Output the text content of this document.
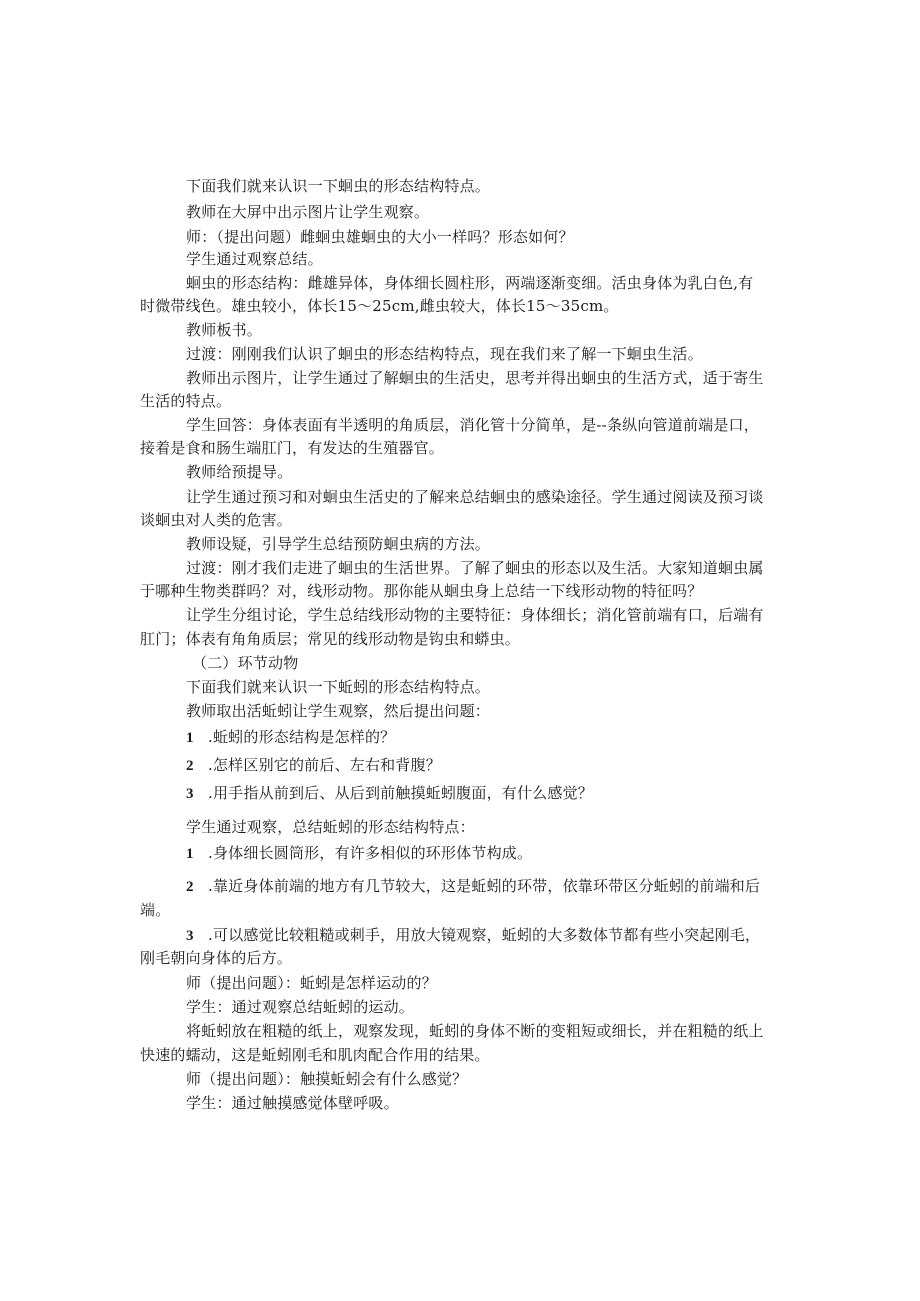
下面我们就来认识一下蛔虫的形态结构特点。
教师在大屏中出示图片让学生观察。
师：（提出问题）雌蛔虫雄蛔虫的大小一样吗？形态如何？
学生通过观察总结。
蛔虫的形态结构：雌雄异体，身体细长圆柱形，两端逐渐变细。活虫身体为乳白色,有
时微带线色。雄虫较小，体长15～25cm,雌虫较大，体长15～35cm。
教师板书。
过渡：刚刚我们认识了蛔虫的形态结构特点，现在我们来了解一下蛔虫生活。
教师出示图片，让学生通过了解蛔虫的生活史，思考并得出蛔虫的生活方式，适于寄生
生活的特点。
学生回答：身体表面有半透明的角质层，消化管十分简单，是--条纵向管道前端是口，
接着是食和肠生端肛门，有发达的生殖器官。
教师给预提导。
让学生通过预习和对蛔虫生活史的了解来总结蛔虫的感染途径。学生通过阅读及预习谈
谈蛔虫对人类的危害。
教师设疑，引导学生总结预防蛔虫病的方法。
过渡：刚才我们走进了蛔虫的生活世界。了解了蛔虫的形态以及生活。大家知道蛔虫属
于哪种生物类群吗？对，线形动物。那你能从蛔虫身上总结一下线形动物的特征吗？
让学生分组讨论，学生总结线形动物的主要特征：身体细长；消化管前端有口，后端有
肛门；体表有角角质层；常见的线形动物是钩虫和蟒虫。
（二）环节动物
下面我们就来认识一下蚯蚓的形态结构特点。
教师取出活蚯蚓让学生观察，然后提出问题：
1 .蚯蚓的形态结构是怎样的？
2 .怎样区别它的前后、左右和背腹？
3 .用手指从前到后、从后到前触摸蚯蚓腹面，有什么感觉？
学生通过观察，总结蚯蚓的形态结构特点：
1 .身体细长圆筒形，有许多相似的环形体节构成。
2 .靠近身体前端的地方有几节较大，这是蚯蚓的环带，依靠环带区分蚯蚓的前端和后
端。
3 .可以感觉比较粗糙或刺手，用放大镜观察，蚯蚓的大多数体节都有些小突起刚毛，
刚毛朝向身体的后方。
师（提出问题）：蚯蚓是怎样运动的？
学生：通过观察总结蚯蚓的运动。
将蚯蚓放在粗糙的纸上，观察发现，蚯蚓的身体不断的变粗短或细长，并在粗糙的纸上
快速的蠕动，这是蚯蚓刚毛和肌肉配合作用的结果。
师（提出问题）：触摸蚯蚓会有什么感觉？
学生：通过触摸感觉体壁呼吸。
